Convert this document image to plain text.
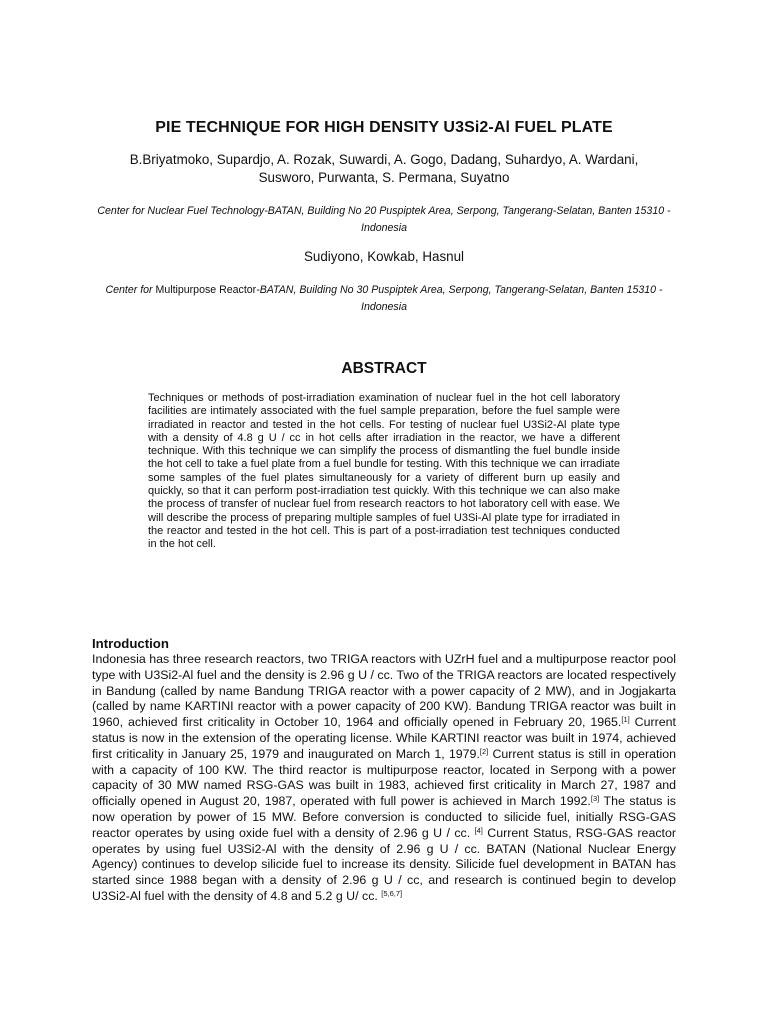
PIE TECHNIQUE FOR HIGH DENSITY U3Si2-Al FUEL PLATE
B.Briyatmoko, Supardjo, A. Rozak, Suwardi, A. Gogo, Dadang, Suhardyo, A. Wardani, Susworo, Purwanta, S. Permana, Suyatno
Center for Nuclear Fuel Technology-BATAN, Building No 20 Puspiptek Area, Serpong, Tangerang-Selatan, Banten 15310 - Indonesia
Sudiyono, Kowkab, Hasnul
Center for Multipurpose Reactor-BATAN, Building No 30 Puspiptek Area, Serpong, Tangerang-Selatan, Banten 15310 - Indonesia
ABSTRACT
Techniques or methods of post-irradiation examination of nuclear fuel in the hot cell laboratory facilities are intimately associated with the fuel sample preparation, before the fuel sample were irradiated in reactor and tested in the hot cells. For testing of nuclear fuel U3Si2-Al plate type with a density of 4.8 g U / cc in hot cells after irradiation in the reactor, we have a different technique. With this technique we can simplify the process of dismantling the fuel bundle inside the hot cell to take a fuel plate from a fuel bundle for testing. With this technique we can irradiate some samples of the fuel plates simultaneously for a variety of different burn up easily and quickly, so that it can perform post-irradiation test quickly. With this technique we can also make the process of transfer of nuclear fuel from research reactors to hot laboratory cell with ease. We will describe the process of preparing multiple samples of fuel U3Si-Al plate type for irradiated in the reactor and tested in the hot cell. This is part of a post-irradiation test techniques conducted in the hot cell.
Introduction
Indonesia has three research reactors, two TRIGA reactors with UZrH fuel and a multipurpose reactor pool type with U3Si2-Al fuel and the density is 2.96 g U / cc. Two of the TRIGA reactors are located respectively in Bandung (called by name Bandung TRIGA reactor with a power capacity of 2 MW), and in Jogjakarta (called by name KARTINI reactor with a power capacity of 200 KW). Bandung TRIGA reactor was built in 1960, achieved first criticality in October 10, 1964 and officially opened in February 20, 1965.[1] Current status is now in the extension of the operating license. While KARTINI reactor was built in 1974, achieved first criticality in January 25, 1979 and inaugurated on March 1, 1979.[2] Current status is still in operation with a capacity of 100 KW. The third reactor is multipurpose reactor, located in Serpong with a power capacity of 30 MW named RSG-GAS was built in 1983, achieved first criticality in March 27, 1987 and officially opened in August 20, 1987, operated with full power is achieved in March 1992.[3] The status is now operation by power of 15 MW. Before conversion is conducted to silicide fuel, initially RSG-GAS reactor operates by using oxide fuel with a density of 2.96 g U / cc. [4] Current Status, RSG-GAS reactor operates by using fuel U3Si2-Al with the density of 2.96 g U / cc. BATAN (National Nuclear Energy Agency) continues to develop silicide fuel to increase its density. Silicide fuel development in BATAN has started since 1988 began with a density of 2.96 g U / cc, and research is continued begin to develop U3Si2-Al fuel with the density of 4.8 and 5.2 g U/ cc. [5,6,7]
